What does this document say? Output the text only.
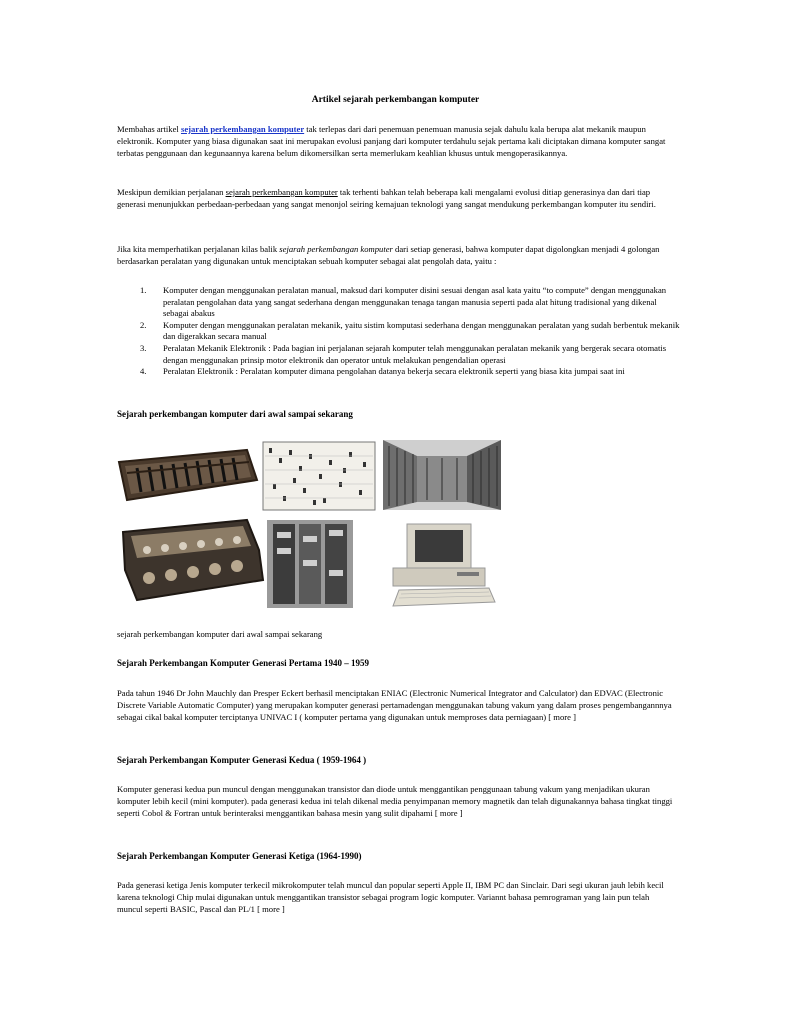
Artikel sejarah perkembangan komputer

Membahas artikel sejarah perkembangan komputer tak terlepas dari dari penemuan penemuan manusia sejak dahulu kala berupa alat mekanik maupun elektronik. Komputer yang biasa digunakan saat ini merupakan evolusi panjang dari komputer terdahulu sejak pertama kali diciptakan dimana komputer sangat terbatas penggunaan dan kegunaannya karena belum dikomersilkan serta memerlukam keahlian khusus untuk mengoperasikannya.

Meskipun demikian perjalanan sejarah perkembangan komputer tak terhenti bahkan telah beberapa kali mengalami evolusi ditiap generasinya dan dari tiap generasi menunjukkan perbedaan-perbedaan yang sangat menonjol seiring kemajuan teknologi yang sangat mendukung perkembangan komputer itu sendiri.

Jika kita memperhatikan perjalanan kilas balik sejarah perkembangan komputer dari setiap generasi, bahwa komputer dapat digolongkan menjadi 4 golongan berdasarkan peralatan yang digunakan untuk menciptakan sebuah komputer sebagai alat pengolah data, yaitu :

1.	Komputer dengan menggunakan peralatan manual, maksud dari komputer disini sesuai dengan asal kata yaitu “to compute” dengan menggunakan peralatan pengolahan data yang sangat sederhana dengan menggunakan tenaga tangan manusia seperti pada alat hitung tradisional yang dikenal sebagai abakus
2.	Komputer dengan menggunakan peralatan mekanik, yaitu sistim komputasi sederhana dengan menggunakan peralatan yang sudah berbentuk mekanik dan digerakkan secara manual
3.	Peralatan Mekanik Elektronik : Pada bagian ini perjalanan sejarah komputer telah menggunakan peralatan mekanik yang bergerak secara otomatis dengan menggunakan prinsip motor elektronik dan operator untuk melakukan pengendalian operasi
4.	Peralatan Elektronik : Peralatan komputer dimana pengolahan datanya bekerja secara elektronik seperti yang biasa kita jumpai saat ini

Sejarah perkembangan komputer dari awal sampai sekarang

sejarah perkembangan komputer dari awal sampai sekarang

Sejarah Perkembangan Komputer Generasi Pertama 1940 – 1959

Pada tahun 1946 Dr John Mauchly dan Presper Eckert berhasil menciptakan ENIAC (Electronic Numerical Integrator and Calculator) dan EDVAC (Electronic Discrete Variable Automatic Computer) yang merupakan komputer generasi pertamadengan menggunakan tabung vakum yang dalam proses pengembangannnya sebagai cikal bakal komputer terciptanya UNIVAC I ( komputer pertama yang digunakan untuk memproses data perniagaan) [ more ]

Sejarah Perkembangan Komputer Generasi Kedua ( 1959-1964 )

Komputer generasi kedua pun muncul dengan menggunakan transistor dan diode untuk menggantikan penggunaan tabung vakum yang menjadikan ukuran komputer lebih kecil (mini komputer). pada generasi kedua ini telah dikenal media penyimpanan memory magnetik dan telah digunakannya bahasa tingkat tinggi seperti Cobol & Fortran untuk berinteraksi menggantikan bahasa mesin yang sulit dipahami [ more ]

Sejarah Perkembangan Komputer Generasi Ketiga (1964-1990)

Pada generasi ketiga Jenis komputer terkecil mikrokomputer telah muncul dan popular seperti Apple II, IBM PC dan Sinclair. Dari segi ukuran jauh lebih kecil karena teknologi Chip mulai digunakan untuk menggantikan transistor sebagai program logic komputer. Variannt bahasa pemrograman yang lain pun telah muncul seperti BASIC, Pascal dan PL/1 [ more ]
